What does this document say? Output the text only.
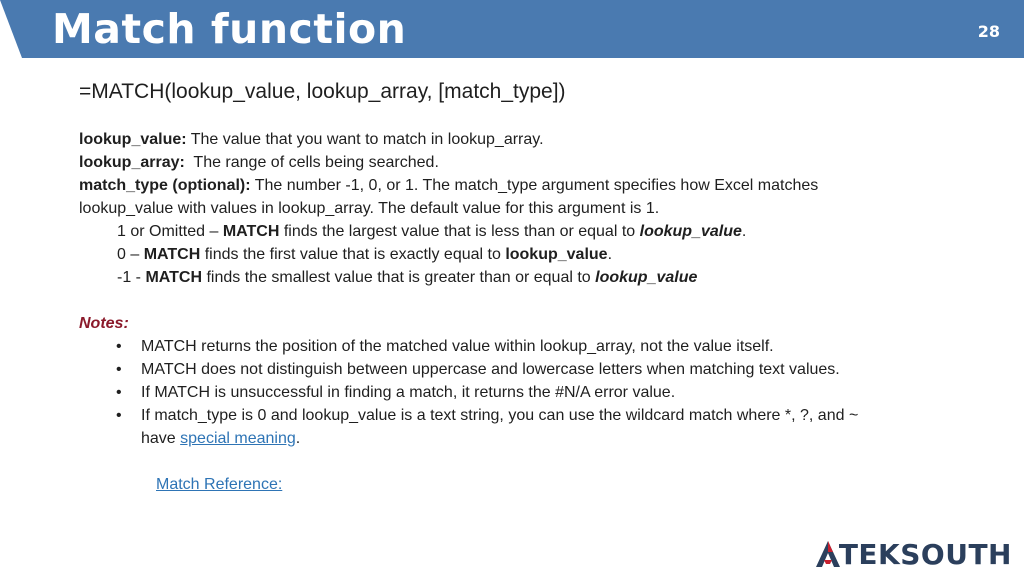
Match function	28
=MATCH(lookup_value, lookup_array, [match_type])
lookup_value: The value that you want to match in lookup_array.
lookup_array:  The range of cells being searched.
match_type (optional): The number -1, 0, or 1. The match_type argument specifies how Excel matches
lookup_value with values in lookup_array. The default value for this argument is 1.
1 or Omitted – MATCH finds the largest value that is less than or equal to lookup_value.
0 – MATCH finds the first value that is exactly equal to lookup_value.
-1 - MATCH finds the smallest value that is greater than or equal to lookup_value
Notes:
• MATCH returns the position of the matched value within lookup_array, not the value itself.
• MATCH does not distinguish between uppercase and lowercase letters when matching text values.
• If MATCH is unsuccessful in finding a match, it returns the #N/A error value.
• If match_type is 0 and lookup_value is a text string, you can use the wildcard match where *, ?, and ~
have special meaning.
Match Reference:
TEKSOUTH
